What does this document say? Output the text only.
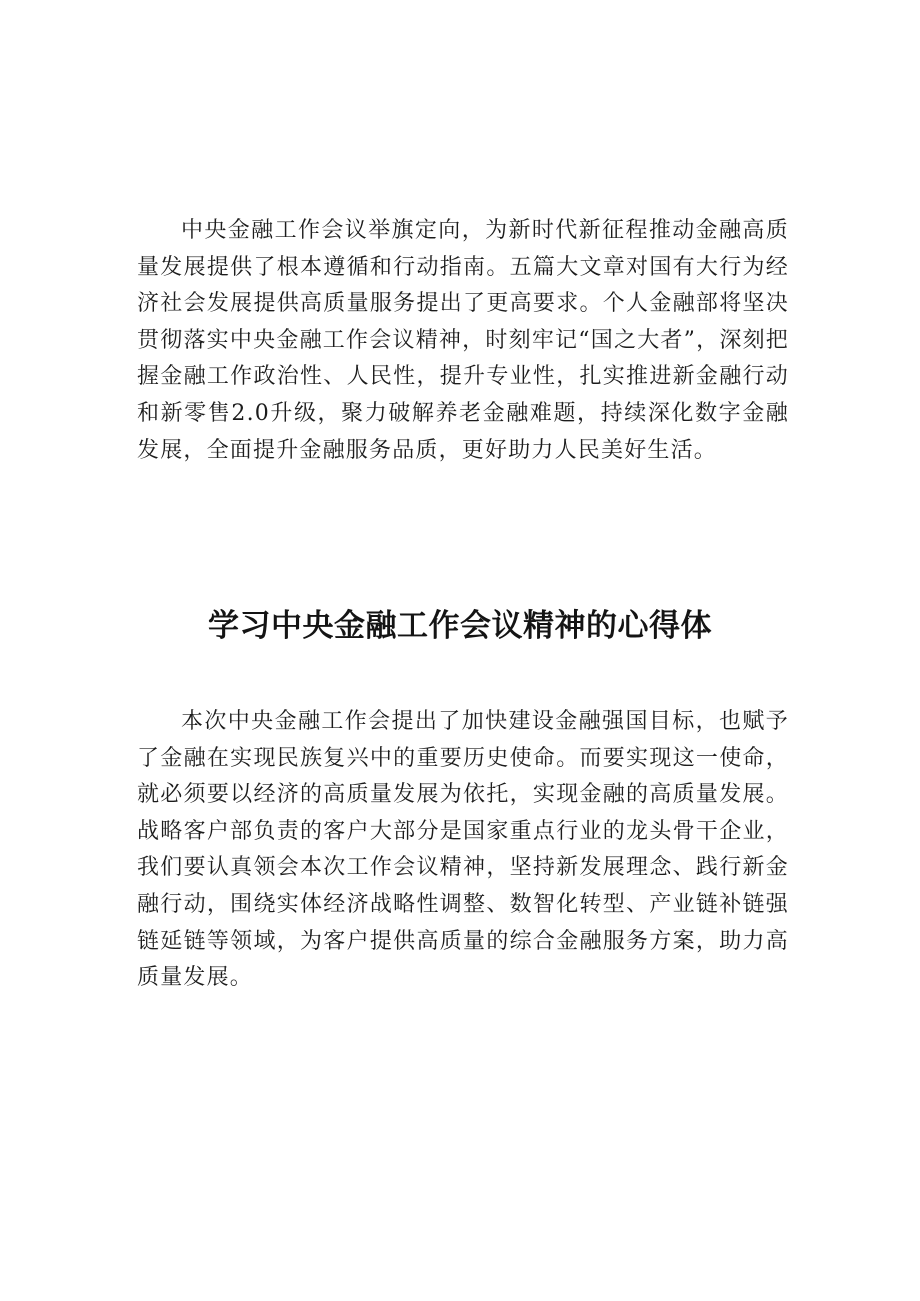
中央金融工作会议举旗定向，为新时代新征程推动金融高质量发展提供了根本遵循和行动指南。五篇大文章对国有大行为经济社会发展提供高质量服务提出了更高要求。个人金融部将坚决贯彻落实中央金融工作会议精神，时刻牢记“国之大者”，深刻把握金融工作政治性、人民性，提升专业性，扎实推进新金融行动和新零售2.0升级，聚力破解养老金融难题，持续深化数字金融发展，全面提升金融服务品质，更好助力人民美好生活。

学习中央金融工作会议精神的心得体

本次中央金融工作会提出了加快建设金融强国目标，也赋予了金融在实现民族复兴中的重要历史使命。而要实现这一使命，就必须要以经济的高质量发展为依托，实现金融的高质量发展。战略客户部负责的客户大部分是国家重点行业的龙头骨干企业，我们要认真领会本次工作会议精神，坚持新发展理念、践行新金融行动，围绕实体经济战略性调整、数智化转型、产业链补链强链延链等领域，为客户提供高质量的综合金融服务方案，助力高质量发展。
